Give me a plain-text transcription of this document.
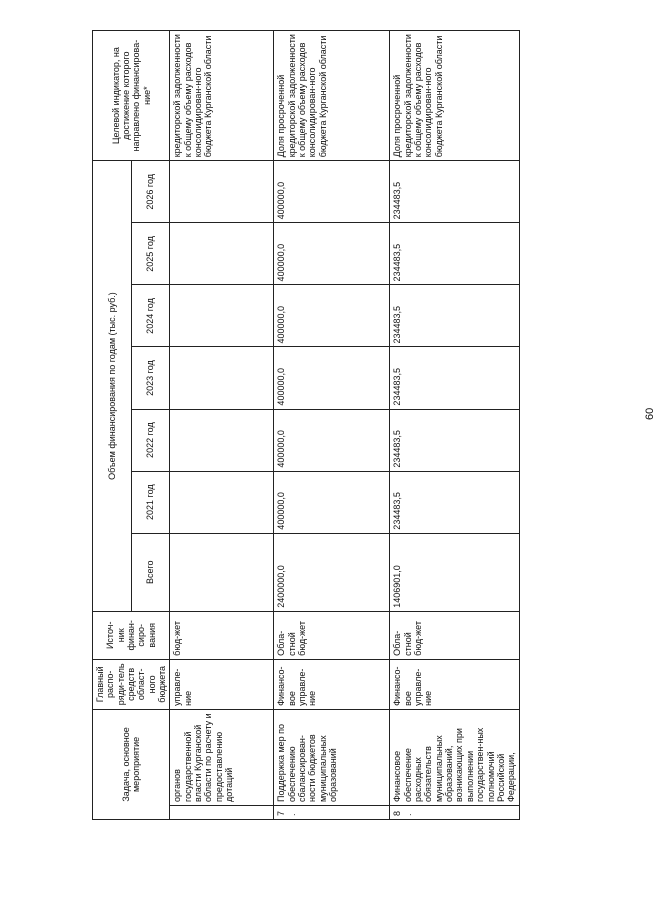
60
Задача, основное мероприятие		Главный распо-ряди-тель средств област-ного бюджета	Источ-ник финан-сиро-вания	Объем финансирования по годам (тыс. руб.)							Целевой индикатор, на достижение которого направлено финансирова-ние*
				Всего	2021 год	2022 год	2023 год	2024 год	2025 год	2026 год	
	органов государственной власти Курганской области по расчету и предоставлению дотаций	управле-ние	бюд-жет								кредиторской задолженности к общему объему расходов консолидирован-ного бюджета Курганской области
7.	Поддержка мер по обеспечению сбалансирован-ности бюджетов муниципальных образований	Финансо-вое управле-ние	Обла-стной бюд-жет	2400000,0	400000,0	400000,0	400000,0	400000,0	400000,0	400000,0	Доля просроченной кредиторской задолженности к общему объему расходов консолидирован-ного бюджета Курганской области
8.	Финансовое обеспечение расходных обязательств муниципальных образований, возникающих при выполнении государствен-ных полномочий Российской Федерации,	Финансо-вое управле-ние	Обла-стной бюд-жет	1406901,0	234483,5	234483,5	234483,5	234483,5	234483,5	234483,5	Доля просроченной кредиторской задолженности к общему объему расходов консолидирован-ного бюджета Курганской области
